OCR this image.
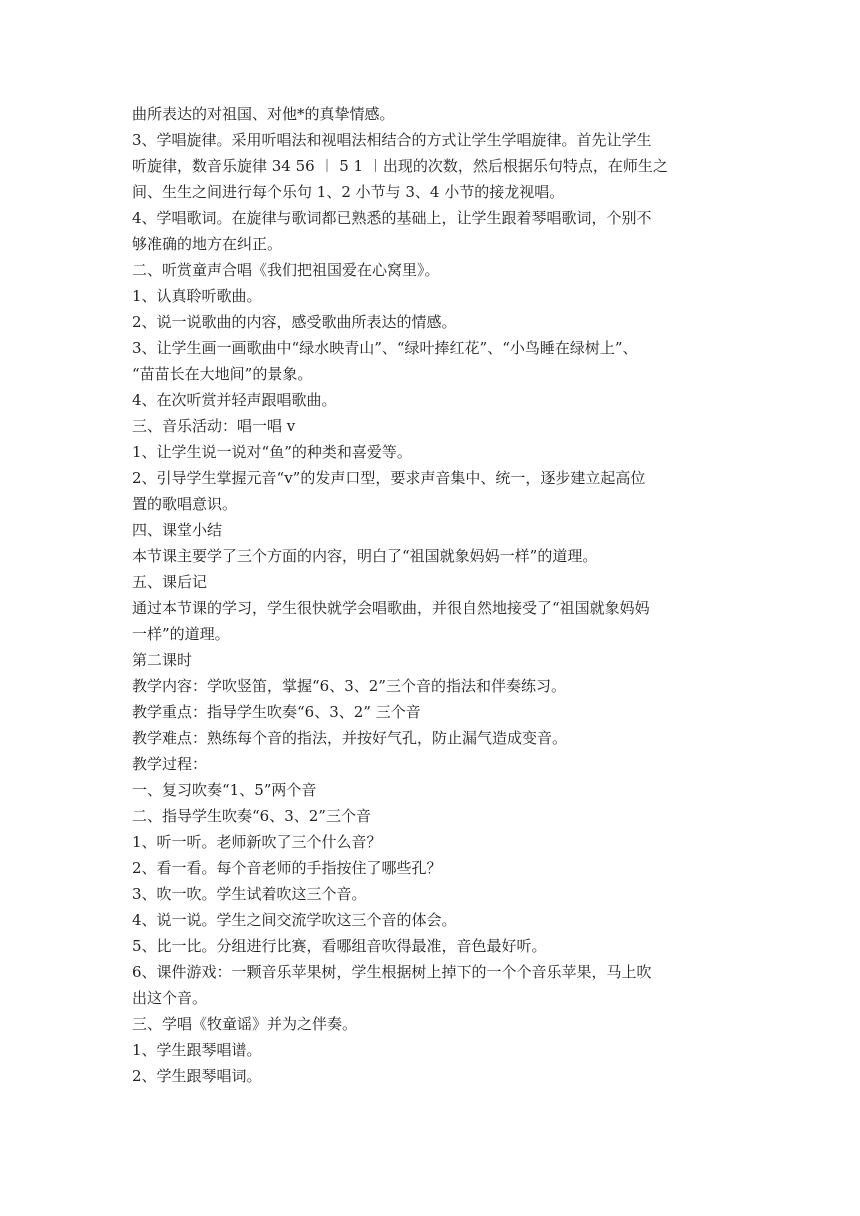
曲所表达的对祖国、对他*的真挚情感。
3、学唱旋律。采用听唱法和视唱法相结合的方式让学生学唱旋律。首先让学生
听旋律，数音乐旋律 34 56 ︱ 5 1 ︱出现的次数，然后根据乐句特点，在师生之
间、生生之间进行每个乐句 1、2 小节与 3、4 小节的接龙视唱。
4、学唱歌词。在旋律与歌词都已熟悉的基础上，让学生跟着琴唱歌词，个别不
够准确的地方在纠正。
二、听赏童声合唱《我们把祖国爱在心窝里》。
1、认真聆听歌曲。
2、说一说歌曲的内容，感受歌曲所表达的情感。
3、让学生画一画歌曲中“绿水映青山”、“绿叶捧红花”、“小鸟睡在绿树上”、
“苗苗长在大地间”的景象。
4、在次听赏并轻声跟唱歌曲。
三、音乐活动：唱一唱 v
1、让学生说一说对“鱼”的种类和喜爱等。
2、引导学生掌握元音“v”的发声口型，要求声音集中、统一，逐步建立起高位
置的歌唱意识。
四、课堂小结
本节课主要学了三个方面的内容，明白了“祖国就象妈妈一样”的道理。
五、课后记
通过本节课的学习，学生很快就学会唱歌曲，并很自然地接受了“祖国就象妈妈
一样”的道理。
第二课时
教学内容：学吹竖笛，掌握“6、3、2”三个音的指法和伴奏练习。
教学重点：指导学生吹奏“6、3、2” 三个音
教学难点：熟练每个音的指法，并按好气孔，防止漏气造成变音。
教学过程：
一、复习吹奏“1、5”两个音
二、指导学生吹奏“6、3、2”三个音
1、听一听。老师新吹了三个什么音？
2、看一看。每个音老师的手指按住了哪些孔？
3、吹一吹。学生试着吹这三个音。
4、说一说。学生之间交流学吹这三个音的体会。
5、比一比。分组进行比赛，看哪组音吹得最准，音色最好听。
6、课件游戏：一颗音乐苹果树，学生根据树上掉下的一个个音乐苹果，马上吹
出这个音。
三、学唱《牧童谣》并为之伴奏。
1、学生跟琴唱谱。
2、学生跟琴唱词。
